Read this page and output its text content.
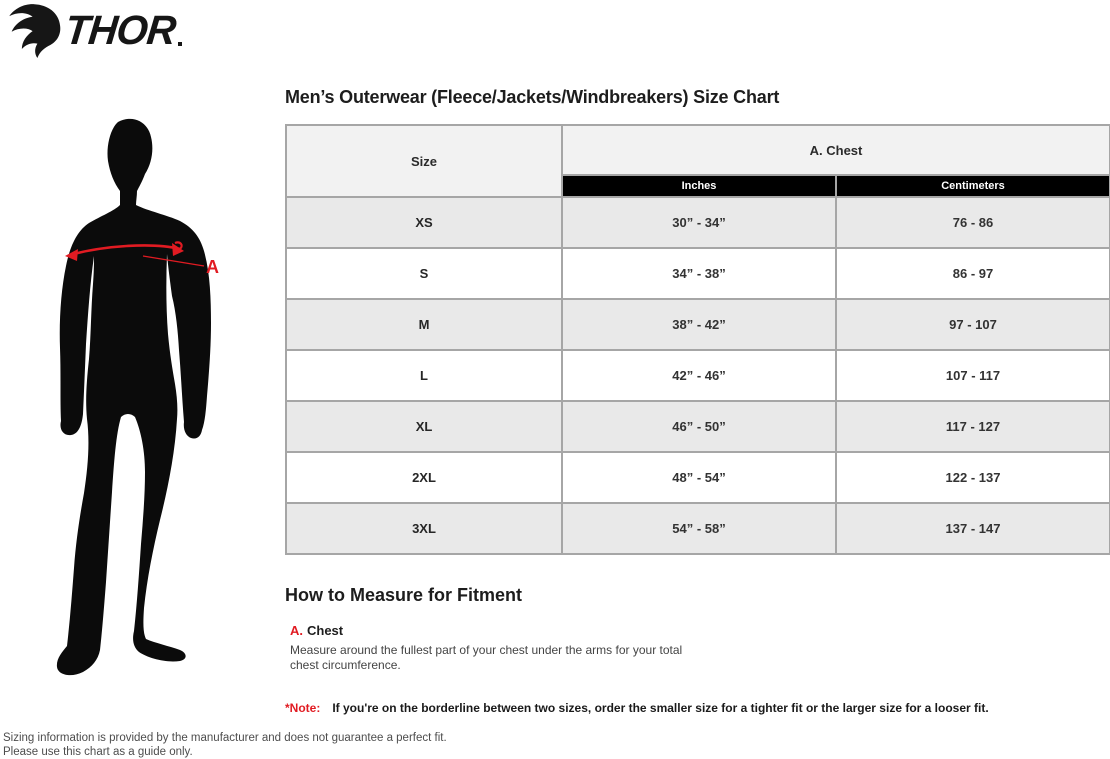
THOR
A
Men’s Outerwear (Fleece/Jackets/Windbreakers) Size Chart
Size	A. Chest	
	Inches	Centimeters
XS	30” - 34”	76 - 86
S	34” - 38”	86 - 97
M	38” - 42”	97 - 107
L	42” - 46”	107 - 117
XL	46” - 50”	117 - 127
2XL	48” - 54”	122 - 137
3XL	54” - 58”	137 - 147
How to Measure for Fitment
A. Chest
Measure around the fullest part of your chest under the arms for your total chest circumference.
*Note: If you're on the borderline between two sizes, order the smaller size for a tighter fit or the larger size for a looser fit.
Sizing information is provided by the manufacturer and does not guarantee a perfect fit.
Please use this chart as a guide only.
